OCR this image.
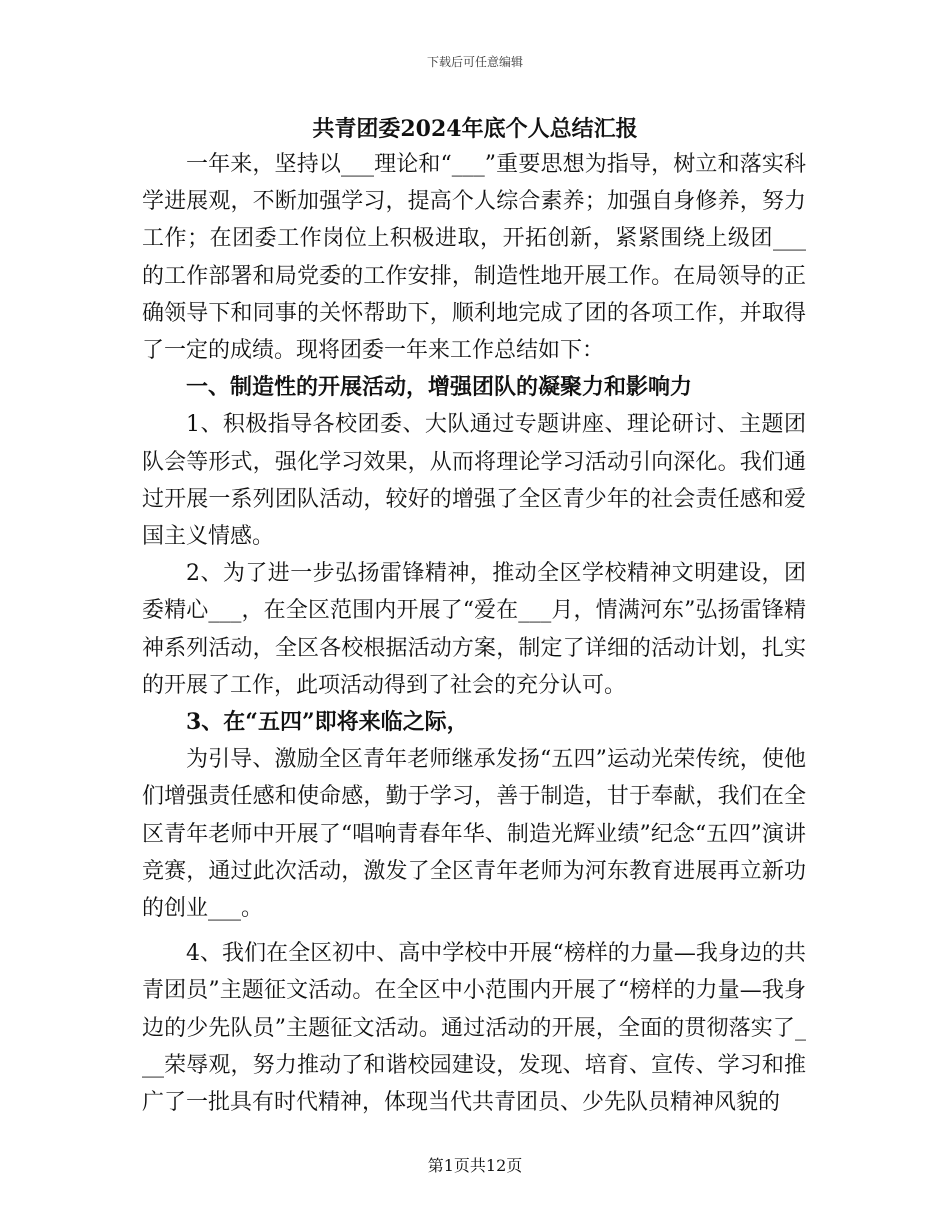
下载后可任意编辑
共青团委2024年底个人总结汇报

一年来，坚持以___理论和“___”重要思想为指导，树立和落实科学进展观，不断加强学习，提高个人综合素养；加强自身修养，努力工作；在团委工作岗位上积极进取，开拓创新，紧紧围绕上级团___的工作部署和局党委的工作安排，制造性地开展工作。在局领导的正确领导下和同事的关怀帮助下，顺利地完成了团的各项工作，并取得了一定的成绩。现将团委一年来工作总结如下：

一、制造性的开展活动，增强团队的凝聚力和影响力

1、积极指导各校团委、大队通过专题讲座、理论研讨、主题团队会等形式，强化学习效果，从而将理论学习活动引向深化。我们通过开展一系列团队活动，较好的增强了全区青少年的社会责任感和爱国主义情感。

2、为了进一步弘扬雷锋精神，推动全区学校精神文明建设，团委精心___，在全区范围内开展了“爱在___月，情满河东”弘扬雷锋精神系列活动，全区各校根据活动方案，制定了详细的活动计划，扎实的开展了工作，此项活动得到了社会的充分认可。

3、在“五四”即将来临之际，

为引导、激励全区青年老师继承发扬“五四”运动光荣传统，使他们增强责任感和使命感，勤于学习，善于制造，甘于奉献，我们在全区青年老师中开展了“唱响青春年华、制造光辉业绩”纪念“五四”演讲竞赛，通过此次活动，激发了全区青年老师为河东教育进展再立新功的创业___。

4、我们在全区初中、高中学校中开展“榜样的力量—我身边的共青团员”主题征文活动。在全区中小范围内开展了“榜样的力量—我身边的少先队员”主题征文活动。通过活动的开展，全面的贯彻落实了___荣辱观，努力推动了和谐校园建设，发现、培育、宣传、学习和推广了一批具有时代精神，体现当代共青团员、少先队员精神风貌的

第1页共12页
